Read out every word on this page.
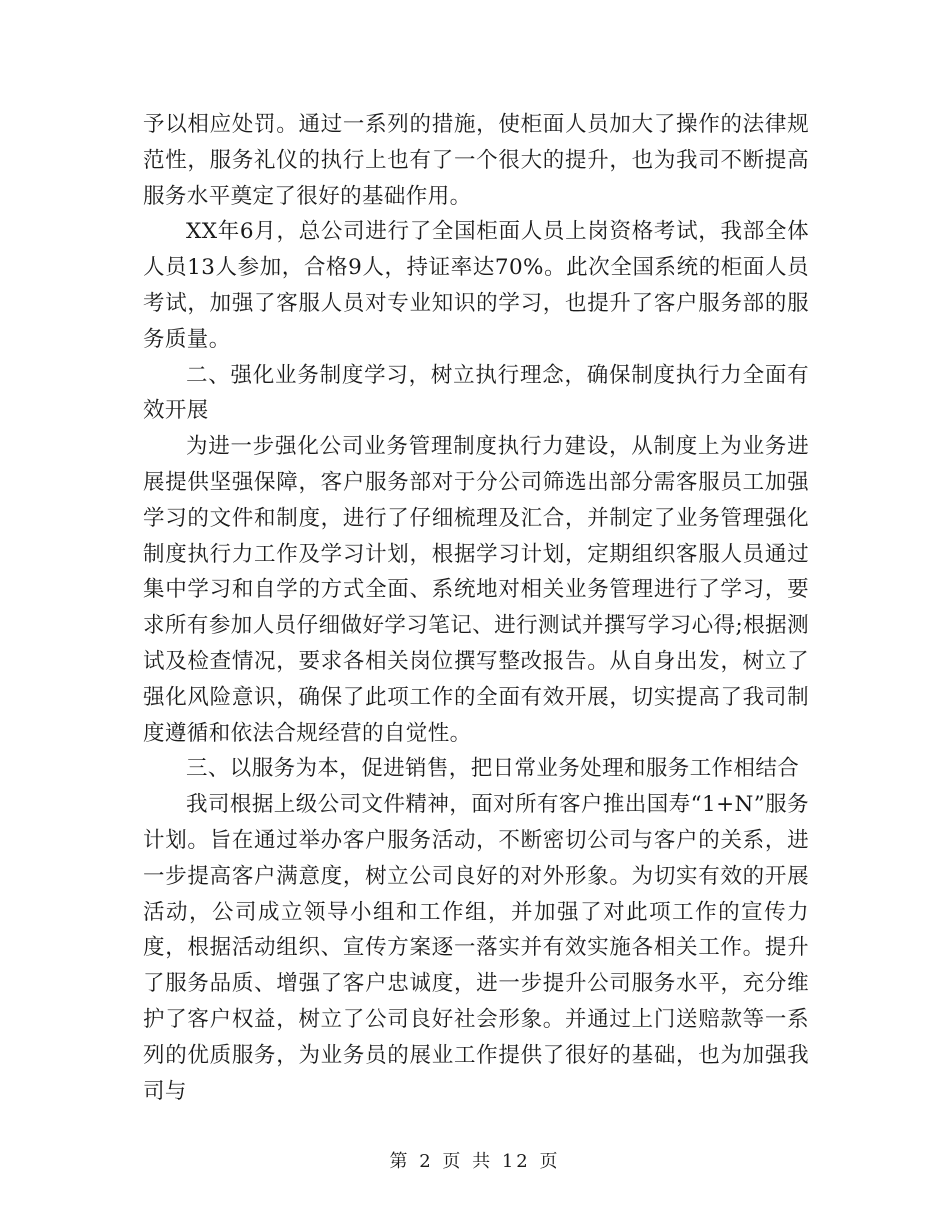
予以相应处罚。通过一系列的措施，使柜面人员加大了操作的法律规范性，服务礼仪的执行上也有了一个很大的提升，也为我司不断提高服务水平奠定了很好的基础作用。

XX年6月，总公司进行了全国柜面人员上岗资格考试，我部全体人员13人参加，合格9人，持证率达70%。此次全国系统的柜面人员考试，加强了客服人员对专业知识的学习，也提升了客户服务部的服务质量。

二、强化业务制度学习，树立执行理念，确保制度执行力全面有效开展

为进一步强化公司业务管理制度执行力建设，从制度上为业务进展提供坚强保障，客户服务部对于分公司筛选出部分需客服员工加强学习的文件和制度，进行了仔细梳理及汇合，并制定了业务管理强化制度执行力工作及学习计划，根据学习计划，定期组织客服人员通过集中学习和自学的方式全面、系统地对相关业务管理进行了学习，要求所有参加人员仔细做好学习笔记、进行测试并撰写学习心得;根据测试及检查情况，要求各相关岗位撰写整改报告。从自身出发，树立了强化风险意识，确保了此项工作的全面有效开展，切实提高了我司制度遵循和依法合规经营的自觉性。

三、以服务为本，促进销售，把日常业务处理和服务工作相结合

我司根据上级公司文件精神，面对所有客户推出国寿“1+N”服务计划。旨在通过举办客户服务活动，不断密切公司与客户的关系，进一步提高客户满意度，树立公司良好的对外形象。为切实有效的开展活动，公司成立领导小组和工作组，并加强了对此项工作的宣传力度，根据活动组织、宣传方案逐一落实并有效实施各相关工作。提升了服务品质、增强了客户忠诚度，进一步提升公司服务水平，充分维护了客户权益，树立了公司良好社会形象。并通过上门送赔款等一系列的优质服务，为业务员的展业工作提供了很好的基础，也为加强我司与

第 2 页 共 12 页
